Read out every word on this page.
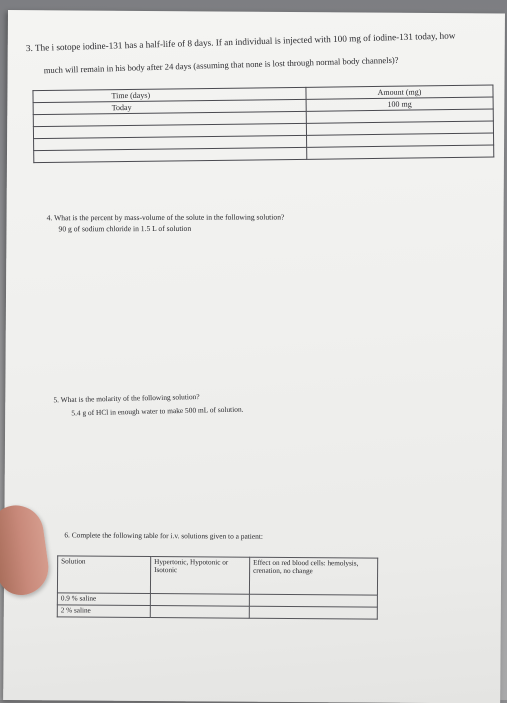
3. The i sotope iodine-131 has a half-life of 8 days. If an individual is injected with 100 mg of iodine-131 today, how
much will remain in his body after 24 days (assuming that none is lost through normal body channels)?
Time (days)	Amount (mg)
Today	100 mg

4. What is the percent by mass-volume of the solute in the following solution?
90 g of sodium chloride in 1.5 L of solution
5. What is the molarity of the following solution?
5.4 g of HCl in enough water to make 500 mL of solution.
6. Complete the following table for i.v. solutions given to a patient:
Solution	Hypertonic, Hypotonic or Isotonic	Effect on red blood cells: hemolysis, crenation, no change
0.9 % saline		
2 % saline		
